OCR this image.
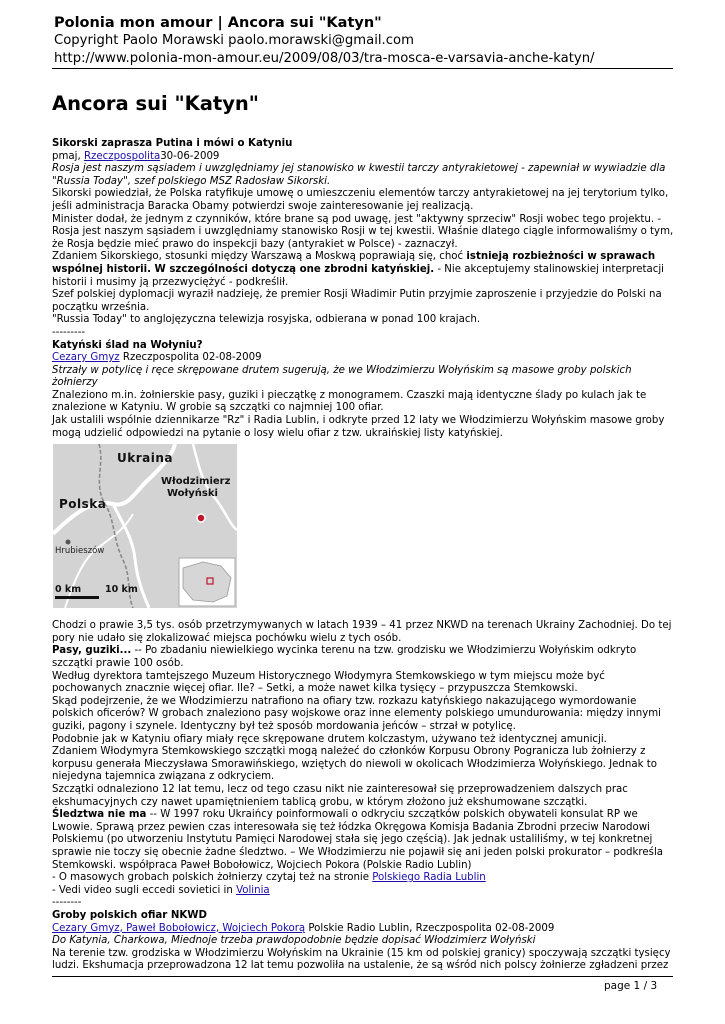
Polonia mon amour | Ancora sui "Katyn"
Copyright Paolo Morawski paolo.morawski@gmail.com
http://www.polonia-mon-amour.eu/2009/08/03/tra-mosca-e-varsavia-anche-katyn/
Ancora sui "Katyn"

Sikorski zaprasza Putina i mówi o Katyniu

pmaj, Rzeczpospolita30-06-2009

Rosja jest naszym sąsiadem i uwzględniamy jej stanowisko w kwestii tarczy antyrakietowej - zapewniał w wywiadzie dla "Russia Today", szef polskiego MSZ Radosław Sikorski.

Sikorski powiedział, że Polska ratyfikuje umowę o umieszczeniu elementów tarczy antyrakietowej na jej terytorium tylko, jeśli administracja Baracka Obamy potwierdzi swoje zainteresowanie jej realizacją.

Minister dodał, że jednym z czynników, które brane są pod uwagę, jest "aktywny sprzeciw" Rosji wobec tego projektu. - Rosja jest naszym sąsiadem i uwzględniamy stanowisko Rosji w tej kwestii. Właśnie dlatego ciągle informowaliśmy o tym, że Rosja będzie mieć prawo do inspekcji bazy (antyrakiet w Polsce) - zaznaczył.

Zdaniem Sikorskiego, stosunki między Warszawą a Moskwą poprawiają się, choć istnieją rozbieżności w sprawach wspólnej historii. W szczególności dotyczą one zbrodni katyńskiej. - Nie akceptujemy stalinowskiej interpretacji historii i musimy ją przezwyciężyć - podkreślił.

Szef polskiej dyplomacji wyraził nadzieję, że premier Rosji Władimir Putin przyjmie zaproszenie i przyjedzie do Polski na początku września.

"Russia Today" to anglojęzyczna telewizja rosyjska, odbierana w ponad 100 krajach.

---------

Katyński ślad na Wołyniu?

Cezary Gmyz Rzeczpospolita 02-08-2009

Strzały w potylicę i ręce skrępowane drutem sugerują, że we Włodzimierzu Wołyńskim są masowe groby polskich żołnierzy

Znaleziono m.in. żołnierskie pasy, guziki i pieczątkę z monogramem. Czaszki mają identyczne ślady po kulach jak te znalezione w Katyniu. W grobie są szczątki co najmniej 100 ofiar.

Jak ustalili wspólnie dziennikarze "Rz" i Radia Lublin, i odkryte przed 12 laty we Włodzimierzu Wołyńskim masowe groby mogą udzielić odpowiedzi na pytanie o losy wielu ofiar z tzw. ukraińskiej listy katyńskiej.

Ukraina
Polska
Włodzimierz
Wołyński
Hrubieszów
0 km	10 km

Chodzi o prawie 3,5 tys. osób przetrzymywanych w latach 1939 – 41 przez NKWD na terenach Ukrainy Zachodniej. Do tej pory nie udało się zlokalizować miejsca pochówku wielu z tych osób.

Pasy, guziki... -- Po zbadaniu niewielkiego wycinka terenu na tzw. grodzisku we Włodzimierzu Wołyńskim odkryto szczątki prawie 100 osób.

Według dyrektora tamtejszego Muzeum Historycznego Włodymyra Stemkowskiego w tym miejscu może być pochowanych znacznie więcej ofiar. Ile? – Setki, a może nawet kilka tysięcy – przypuszcza Stemkowski.

Skąd podejrzenie, że we Włodzimierzu natrafiono na ofiary tzw. rozkazu katyńskiego nakazującego wymordowanie polskich oficerów? W grobach znaleziono pasy wojskowe oraz inne elementy polskiego umundurowania: między innymi guziki, pagony i szynele. Identyczny był też sposób mordowania jeńców – strzał w potylicę.

Podobnie jak w Katyniu ofiary miały ręce skrępowane drutem kolczastym, używano też identycznej amunicji.

Zdaniem Włodymyra Stemkowskiego szczątki mogą należeć do członków Korpusu Obrony Pogranicza lub żołnierzy z korpusu generała Mieczysława Smorawińskiego, wziętych do niewoli w okolicach Włodzimierza Wołyńskiego. Jednak to niejedyna tajemnica związana z odkryciem.

Szczątki odnaleziono 12 lat temu, lecz od tego czasu nikt nie zainteresował się przeprowadzeniem dalszych prac ekshumacyjnych czy nawet upamiętnieniem tablicą grobu, w którym złożono już ekshumowane szczątki.

Śledztwa nie ma -- W 1997 roku Ukraińcy poinformowali o odkryciu szczątków polskich obywateli konsulat RP we Lwowie. Sprawą przez pewien czas interesowała się też łódzka Okręgowa Komisja Badania Zbrodni przeciw Narodowi Polskiemu (po utworzeniu Instytutu Pamięci Narodowej stała się jego częścią). Jak jednak ustaliliśmy, w tej konkretnej sprawie nie toczy się obecnie żadne śledztwo. – We Włodzimierzu nie pojawił się ani jeden polski prokurator – podkreśla Stemkowski. współpraca Paweł Bobołowicz, Wojciech Pokora (Polskie Radio Lublin)

- O masowych grobach polskich żołnierzy czytaj też na stronie Polskiego Radia Lublin

- Vedi video sugli eccedi sovietici in Volinia

--------

Groby polskich ofiar NKWD

Cezary Gmyz, Paweł Bobołowicz, Wojciech Pokorą Polskie Radio Lublin, Rzeczpospolita 02-08-2009

Do Katynia, Charkowa, Miednoje trzeba prawdopodobnie będzie dopisać Włodzimierz Wołyński

Na terenie tzw. grodziska w Włodzimierzu Wołyńskim na Ukrainie (15 km od polskiej granicy) spoczywają szczątki tysięcy ludzi. Ekshumacja przeprowadzona 12 lat temu pozwoliła na ustalenie, że są wśród nich polscy żołnierze zgładzeni przez

page 1 / 3
